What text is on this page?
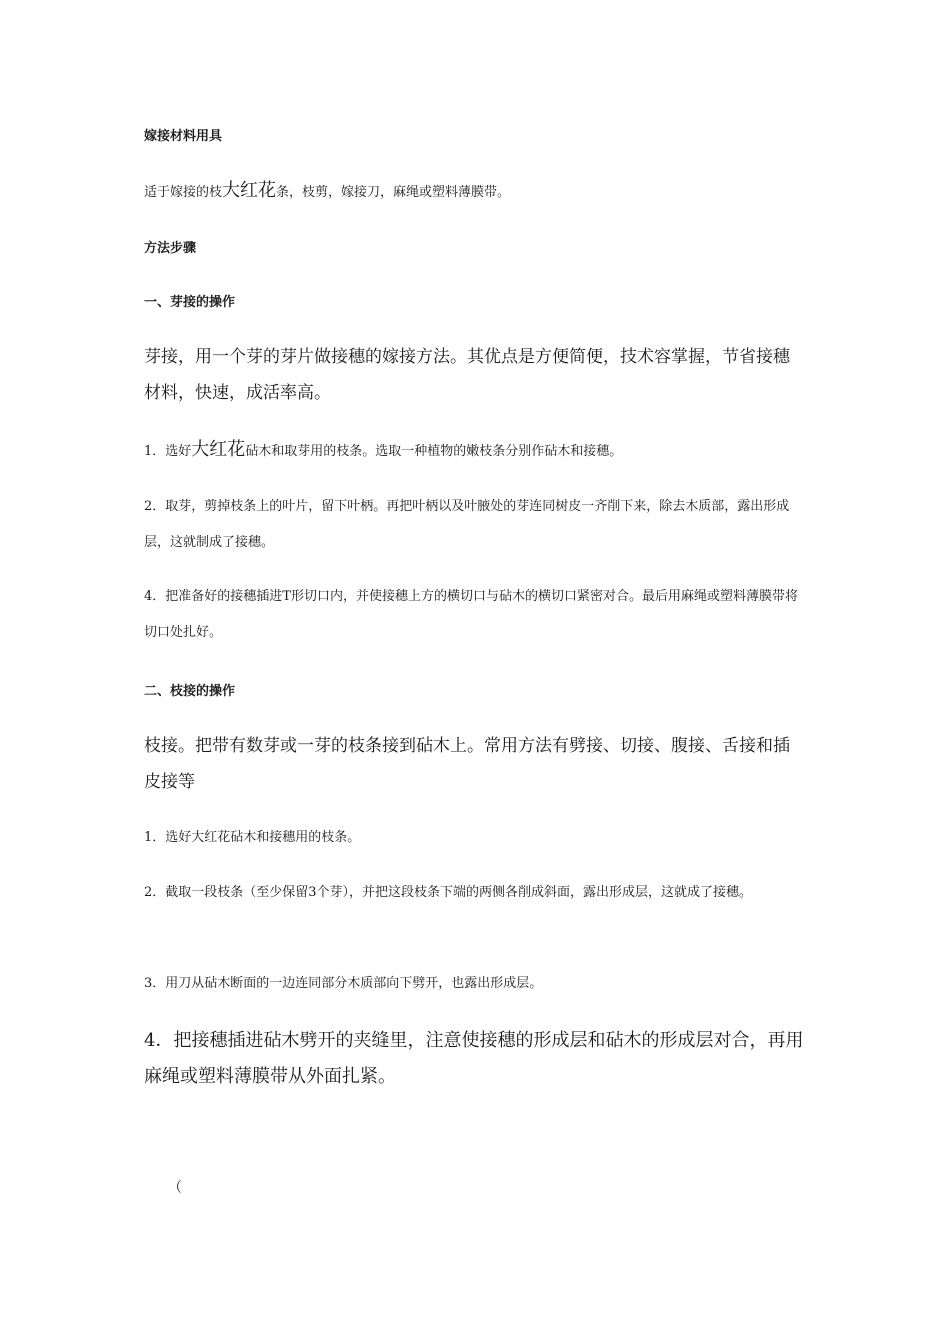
嫁接材料用具

适于嫁接的枝大红花条，枝剪，嫁接刀，麻绳或塑料薄膜带。

方法步骤

一、芽接的操作

芽接，用一个芽的芽片做接穗的嫁接方法。其优点是方便简便，技术容掌握，节省接穗材料，快速，成活率高。

1．选好大红花砧木和取芽用的枝条。选取一种植物的嫩枝条分别作砧木和接穗。

2．取芽，剪掉枝条上的叶片，留下叶柄。再把叶柄以及叶腋处的芽连同树皮一齐削下来，除去木质部，露出形成层，这就制成了接穗。

4．把准备好的接穗插进T形切口内，并使接穗上方的横切口与砧木的横切口紧密对合。最后用麻绳或塑料薄膜带将切口处扎好。

二、枝接的操作

枝接。把带有数芽或一芽的枝条接到砧木上。常用方法有劈接、切接、腹接、舌接和插皮接等

1．选好大红花砧木和接穗用的枝条。

2．截取一段枝条（至少保留3个芽），并把这段枝条下端的两侧各削成斜面，露出形成层，这就成了接穗。

3．用刀从砧木断面的一边连同部分木质部向下劈开，也露出形成层。

4．把接穗插进砧木劈开的夹缝里，注意使接穗的形成层和砧木的形成层对合，再用麻绳或塑料薄膜带从外面扎紧。

（
